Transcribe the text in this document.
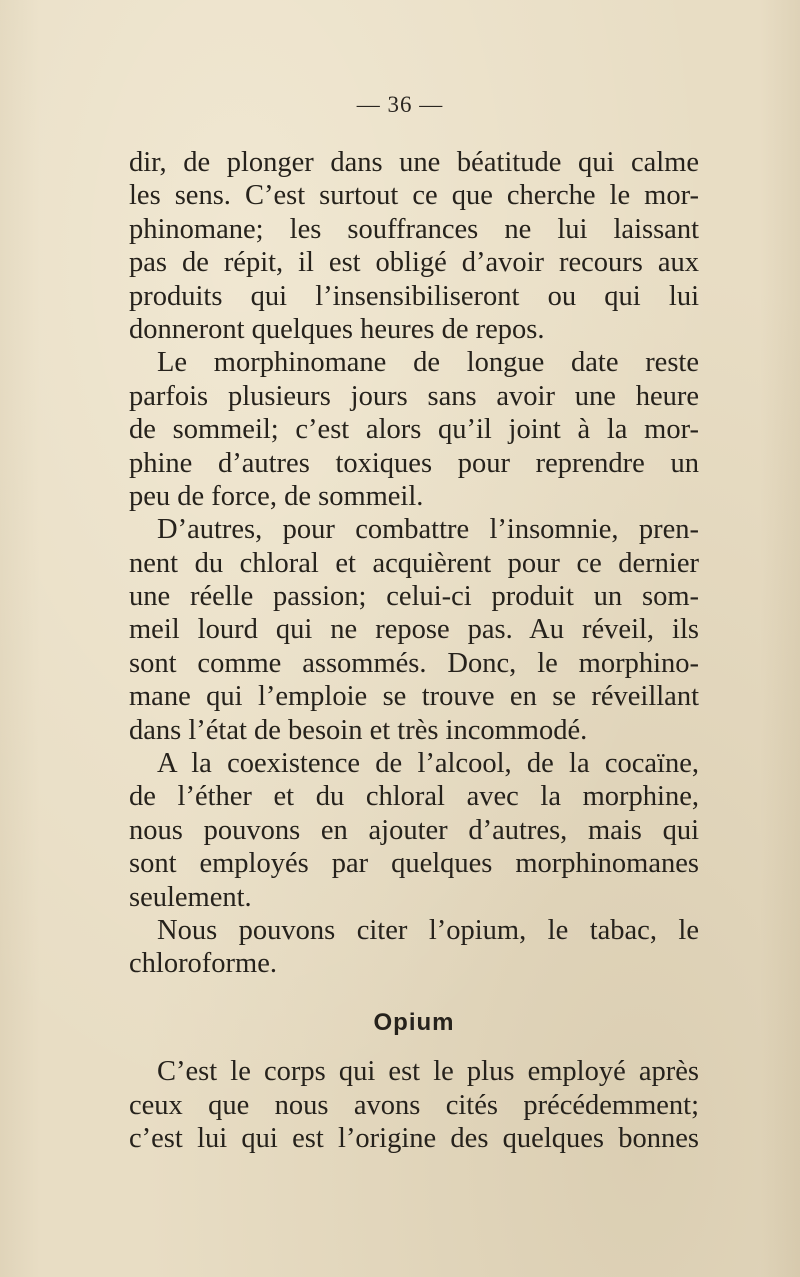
— 36 —
dir, de plonger dans une béatitude qui calme
les sens. C’est surtout ce que cherche le mor-
phinomane; les souffrances ne lui laissant
pas de répit, il est obligé d’avoir recours aux
produits qui l’insensibiliseront ou qui lui
donneront quelques heures de repos.
Le morphinomane de longue date reste
parfois plusieurs jours sans avoir une heure
de sommeil; c’est alors qu’il joint à la mor-
phine d’autres toxiques pour reprendre un
peu de force, de sommeil.
D’autres, pour combattre l’insomnie, pren-
nent du chloral et acquièrent pour ce dernier
une réelle passion; celui-ci produit un som-
meil lourd qui ne repose pas. Au réveil, ils
sont comme assommés. Donc, le morphino-
mane qui l’emploie se trouve en se réveillant
dans l’état de besoin et très incommodé.
A la coexistence de l’alcool, de la cocaïne,
de l’éther et du chloral avec la morphine,
nous pouvons en ajouter d’autres, mais qui
sont employés par quelques morphinomanes
seulement.
Nous pouvons citer l’opium, le tabac, le
chloroforme.
Opium
C’est le corps qui est le plus employé après
ceux que nous avons cités précédemment;
c’est lui qui est l’origine des quelques bonnes
